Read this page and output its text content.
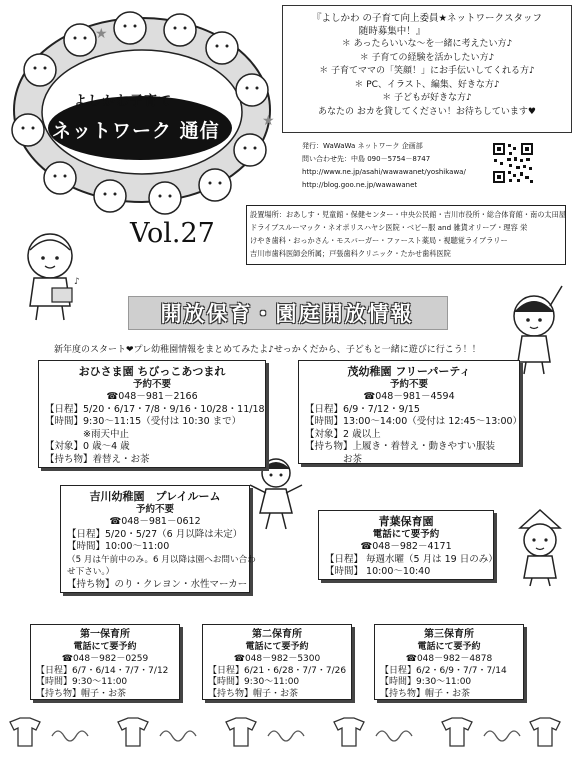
★
★
よしかわ子育て
ネットワーク 通信
Vol.27
『よしかわ の子育て向上委員★ネットワークスタッフ
随時募集中！』
＊ あったらいいな～を一緒に考えたい方♪
＊ 子育ての経験を活かしたい方♪
＊ 子育てママの「笑顔！」にお手伝いしてくれる方♪
＊ PC、イラスト、編集、好きな方♪
＊ 子どもが好きな方♪
あなたの おカを貸してください！お待ちしています♥
発行：WaWaWa ネットワーク 企画部
問い合わせ先：中島 090－5754－8747
http://www.ne.jp/asahi/wawawanet/yoshikawa/
http://blog.goo.ne.jp/wawawanet
設置場所：おあしす・児童館・保健センター・中央公民館・吉川市役所・総合体育館・南の太田屋
ドライブスルーマック・ネオポリスハヤシ医院・ベビー服 and 雑貨オリーブ・理容 栄
けやき歯科・おっかさん・モスバーガー・ファースト薬局・視聴覚ライブラリー
吉川市歯科医師会所属；戸張歯科クリニック・たかせ歯科医院
♪
開放保育・園庭開放情報
新年度のスタート❤プレ幼稚園情報をまとめてみたよ♪せっかくだから、子どもと一緒に遊びに行こう！！
おひさま園 ちびっこあつまれ
予約不要
☎048－981－2166
【日程】5/20・6/17・7/8・9/16・10/28・11/18
【時間】9:30～11:15（受付は 10:30 まで）
　　　　※雨天中止
【対象】0 歳～4 歳
【持ち物】着替え・お茶
茂幼稚園 フリーパーティ
予約不要
☎048－981－4594
【日程】6/9・7/12・9/15
【時間】13:00～14:00（受付は 12:45～13:00）
【対象】2 歳以上
【持ち物】上履き・着替え・動きやすい服装
　　　　お茶
吉川幼稚園　プレイルーム
予約不要
☎048－981－0612
【日程】5/20・5/27（6 月以降は未定）
【時間】10:00～11:00
（5 月は午前中のみ。6 月以降は園へお問い合わ
せ下さい。）
【持ち物】のり・クレヨン・水性マーカー
青葉保育園
電話にて要予約
☎048－982－4171
【日程】 毎週水曜（5 月は 19 日のみ）
【時間】 10:00～10:40
第一保育所
電話にて要予約
☎048－982－0259
【日程】6/7・6/14・7/7・7/12
【時間】9:30～11:00
【持ち物】帽子・お茶
第二保育所
電話にて要予約
☎048－982－5300
【日程】6/21・6/28・7/7・7/26
【時間】9:30～11:00
【持ち物】帽子・お茶
第三保育所
電話にて要予約
☎048－982－4878
【日程】6/2・6/9・7/7・7/14
【時間】9:30～11:00
【持ち物】帽子・お茶
